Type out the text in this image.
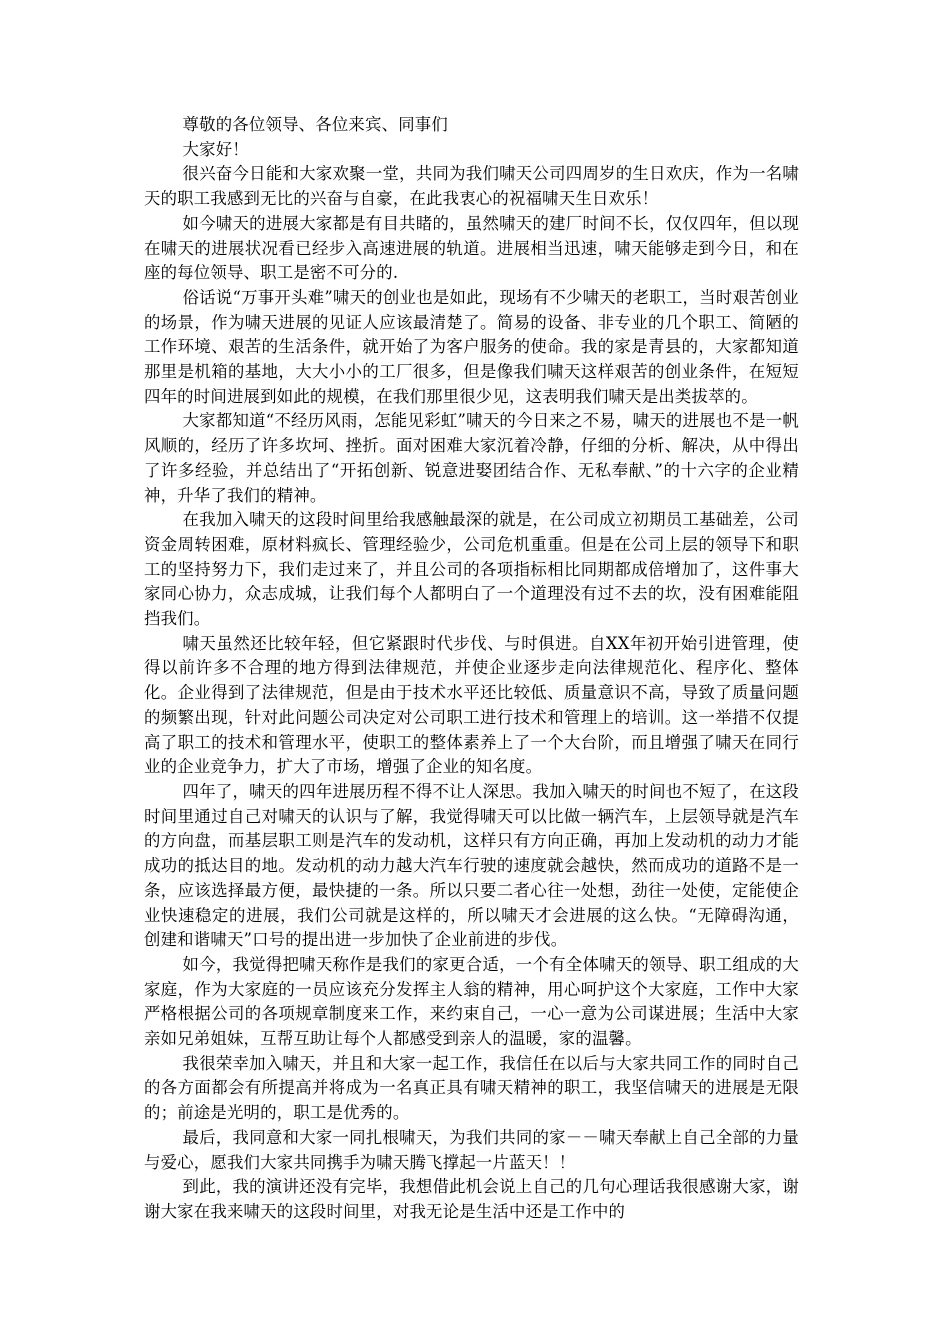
尊敬的各位领导、各位来宾、同事们

大家好！

很兴奋今日能和大家欢聚一堂，共同为我们啸天公司四周岁的生日欢庆，作为一名啸天的职工我感到无比的兴奋与自豪，在此我衷心的祝福啸天生日欢乐！

如今啸天的进展大家都是有目共睹的，虽然啸天的建厂时间不长，仅仅四年，但以现在啸天的进展状况看已经步入高速进展的轨道。进展相当迅速，啸天能够走到今日，和在座的每位领导、职工是密不可分的.

俗话说“万事开头难”啸天的创业也是如此，现场有不少啸天的老职工，当时艰苦创业的场景，作为啸天进展的见证人应该最清楚了。简易的设备、非专业的几个职工、简陋的工作环境、艰苦的生活条件，就开始了为客户服务的使命。我的家是青县的，大家都知道那里是机箱的基地，大大小小的工厂很多，但是像我们啸天这样艰苦的创业条件，在短短四年的时间进展到如此的规模，在我们那里很少见，这表明我们啸天是出类拔萃的。

大家都知道“不经历风雨，怎能见彩虹”啸天的今日来之不易，啸天的进展也不是一帆风顺的，经历了许多坎坷、挫折。面对困难大家沉着冷静，仔细的分析、解决，从中得出了许多经验，并总结出了“开拓创新、锐意进娶团结合作、无私奉献、”的十六字的企业精神，升华了我们的精神。

在我加入啸天的这段时间里给我感触最深的就是，在公司成立初期员工基础差，公司资金周转困难，原材料疯长、管理经验少，公司危机重重。但是在公司上层的领导下和职工的坚持努力下，我们走过来了，并且公司的各项指标相比同期都成倍增加了，这件事大家同心协力，众志成城，让我们每个人都明白了一个道理没有过不去的坎，没有困难能阻挡我们。

啸天虽然还比较年轻，但它紧跟时代步伐、与时俱进。自XX年初开始引进管理，使得以前许多不合理的地方得到法律规范，并使企业逐步走向法律规范化、程序化、整体化。企业得到了法律规范，但是由于技术水平还比较低、质量意识不高，导致了质量问题的频繁出现，针对此问题公司决定对公司职工进行技术和管理上的培训。这一举措不仅提高了职工的技术和管理水平，使职工的整体素养上了一个大台阶，而且增强了啸天在同行业的企业竞争力，扩大了市场，增强了企业的知名度。

四年了，啸天的四年进展历程不得不让人深思。我加入啸天的时间也不短了，在这段时间里通过自己对啸天的认识与了解，我觉得啸天可以比做一辆汽车，上层领导就是汽车的方向盘，而基层职工则是汽车的发动机，这样只有方向正确，再加上发动机的动力才能成功的抵达目的地。发动机的动力越大汽车行驶的速度就会越快，然而成功的道路不是一条，应该选择最方便，最快捷的一条。所以只要二者心往一处想，劲往一处使，定能使企业快速稳定的进展，我们公司就是这样的，所以啸天才会进展的这么快。“无障碍沟通，创建和谐啸天”口号的提出进一步加快了企业前进的步伐。

如今，我觉得把啸天称作是我们的家更合适，一个有全体啸天的领导、职工组成的大家庭，作为大家庭的一员应该充分发挥主人翁的精神，用心呵护这个大家庭，工作中大家严格根据公司的各项规章制度来工作，来约束自己，一心一意为公司谋进展；生活中大家亲如兄弟姐妹，互帮互助让每个人都感受到亲人的温暖，家的温馨。

我很荣幸加入啸天，并且和大家一起工作，我信任在以后与大家共同工作的同时自己的各方面都会有所提高并将成为一名真正具有啸天精神的职工，我坚信啸天的进展是无限的；前途是光明的，职工是优秀的。

最后，我同意和大家一同扎根啸天，为我们共同的家－－啸天奉献上自己全部的力量与爱心，愿我们大家共同携手为啸天腾飞撑起一片蓝天！！

到此，我的演讲还没有完毕，我想借此机会说上自己的几句心理话我很感谢大家，谢谢大家在我来啸天的这段时间里，对我无论是生活中还是工作中的
